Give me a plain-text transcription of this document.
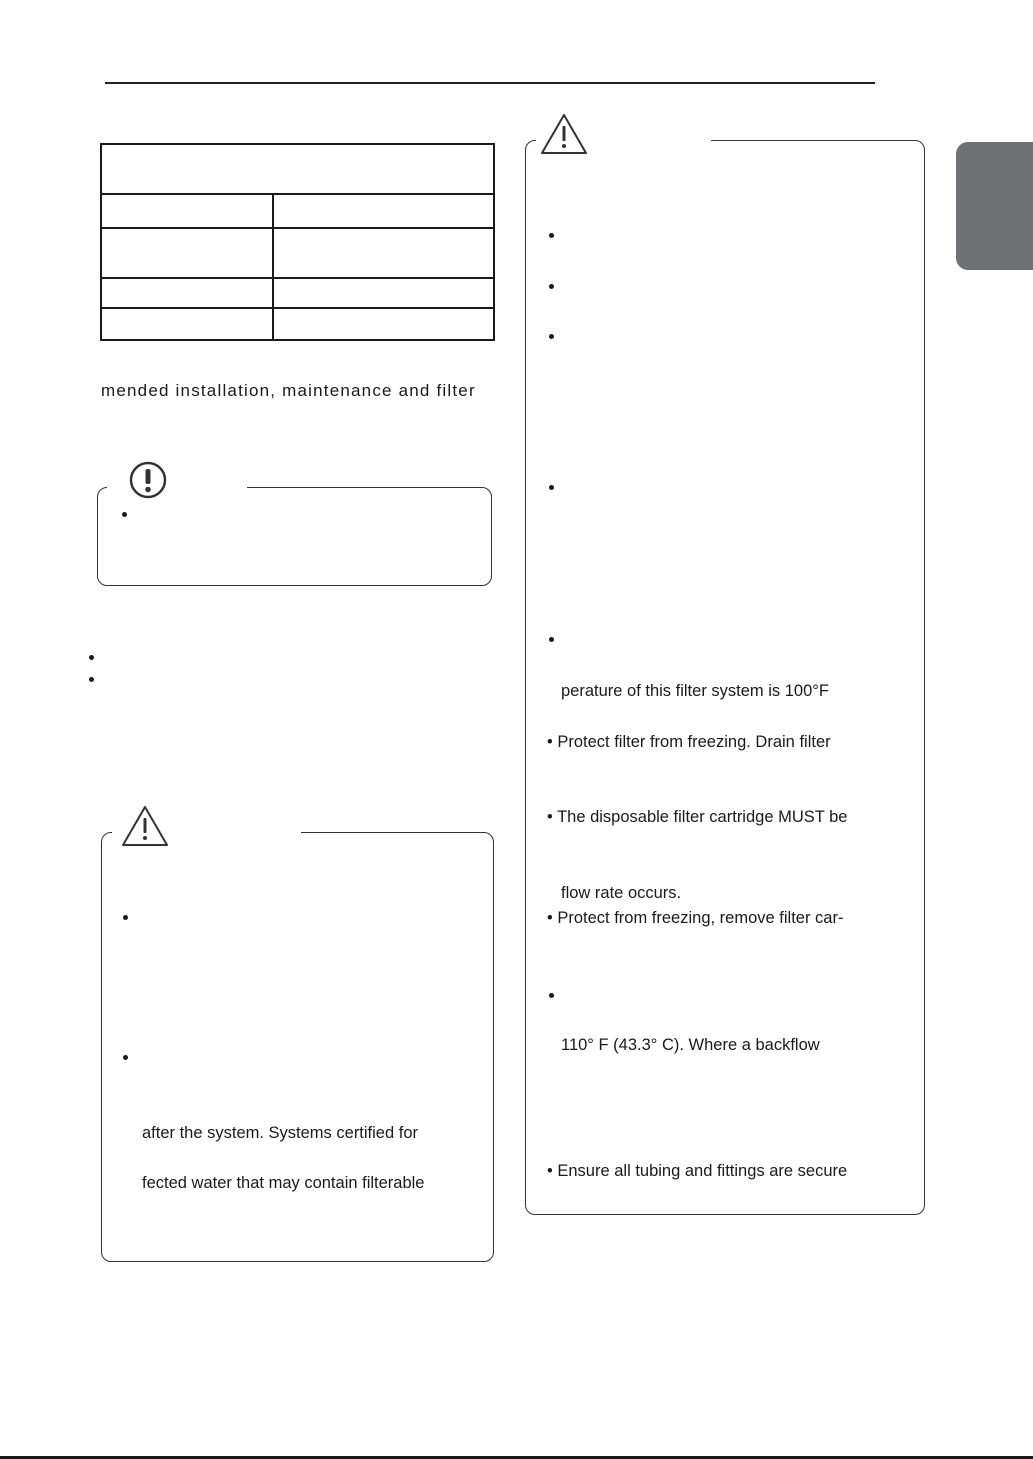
mended installation, maintenance and filter
after the system. Systems certified for
fected water that may contain filterable
perature of this filter system is 100°F
• Protect filter from freezing. Drain filter
• The disposable filter cartridge MUST be
flow rate occurs.
• Protect from freezing, remove filter car-
110° F (43.3° C). Where a backflow
• Ensure all tubing and fittings are secure
